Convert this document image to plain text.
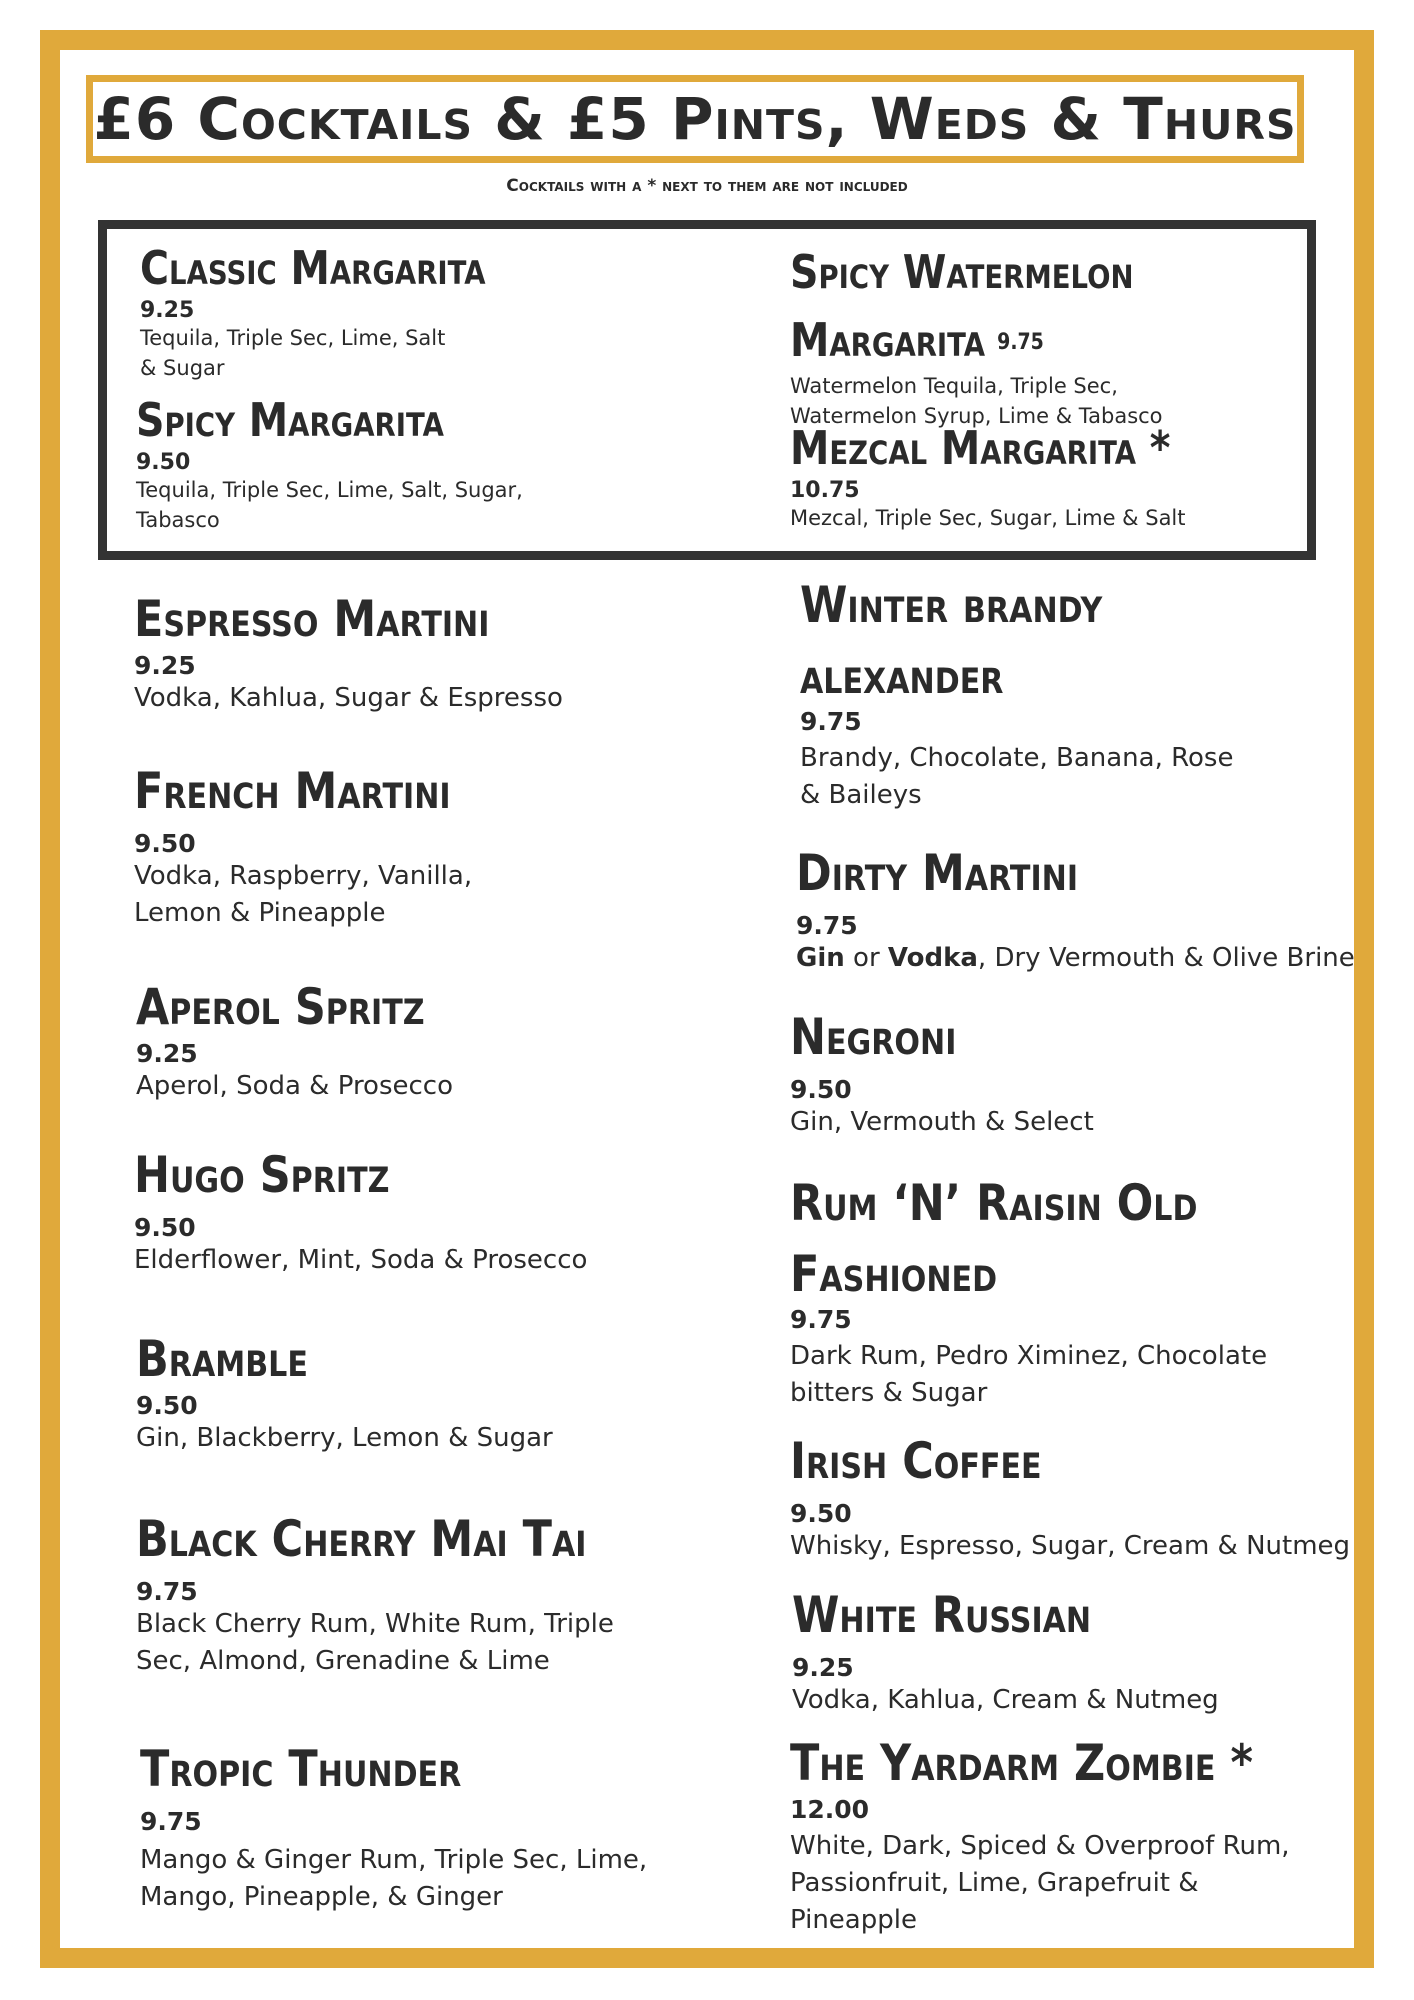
£6 Cocktails & £5 Pints, Weds & Thurs
Cocktails with a * next to them are not included
Classic Margarita
9.25
Tequila, Triple Sec, Lime, Salt
& Sugar
Spicy Margarita
9.50
Tequila, Triple Sec, Lime, Salt, Sugar,
Tabasco
Spicy Watermelon
Margarita 9.75
Watermelon Tequila, Triple Sec,
Watermelon Syrup, Lime & Tabasco
Mezcal Margarita *
10.75
Mezcal, Triple Sec, Sugar, Lime & Salt
Espresso Martini
9.25
Vodka, Kahlua, Sugar & Espresso
French Martini
9.50
Vodka, Raspberry, Vanilla,
Lemon & Pineapple
Aperol Spritz
9.25
Aperol, Soda & Prosecco
Hugo Spritz
9.50
Elderflower, Mint, Soda & Prosecco
Bramble
9.50
Gin, Blackberry, Lemon & Sugar
Black Cherry Mai Tai
9.75
Black Cherry Rum, White Rum, Triple
Sec, Almond, Grenadine & Lime
Tropic Thunder
9.75
Mango & Ginger Rum, Triple Sec, Lime,
Mango, Pineapple, & Ginger
Winter brandy
alexander
9.75
Brandy, Chocolate, Banana, Rose
& Baileys
Dirty Martini
9.75
Gin or Vodka, Dry Vermouth & Olive Brine
Negroni
9.50
Gin, Vermouth & Select
Rum ‘N’ Raisin Old
Fashioned
9.75
Dark Rum, Pedro Ximinez, Chocolate
bitters & Sugar
Irish Coffee
9.50
Whisky, Espresso, Sugar, Cream & Nutmeg
White Russian
9.25
Vodka, Kahlua, Cream & Nutmeg
The Yardarm Zombie *
12.00
White, Dark, Spiced & Overproof Rum,
Passionfruit, Lime, Grapefruit &
Pineapple
